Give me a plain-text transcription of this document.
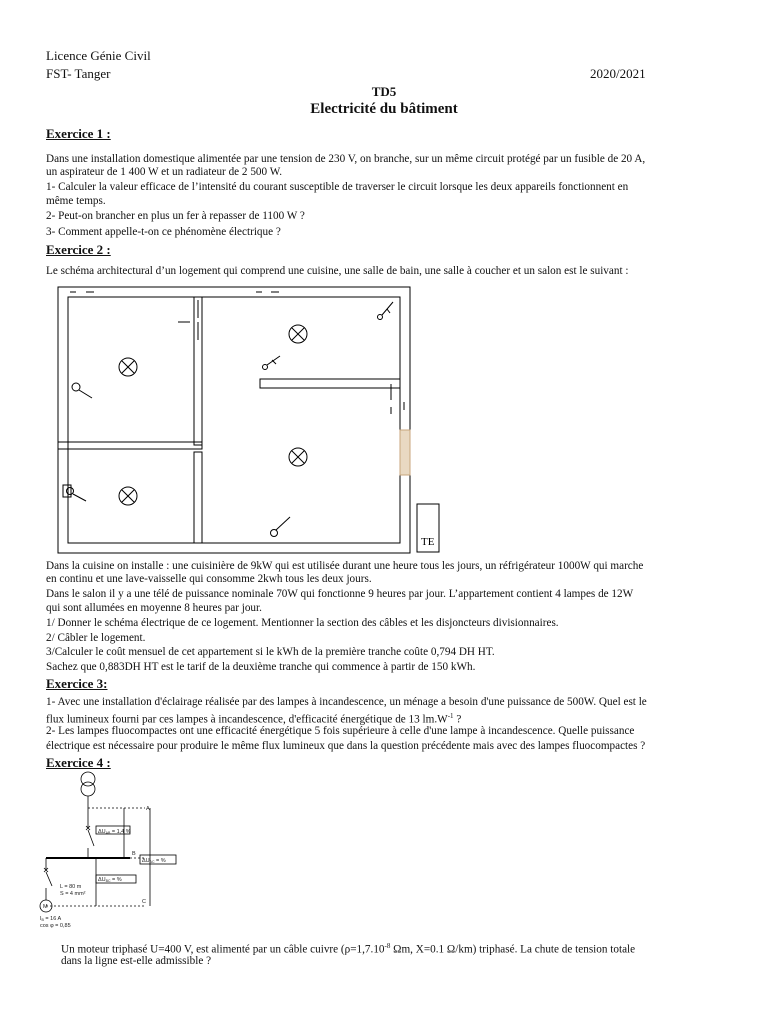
Licence Génie Civil
FST- Tanger	2020/2021
TD5
Electricité du bâtiment
Exercice 1 :
Dans une installation domestique alimentée par une tension de 230 V, on branche, sur un même circuit protégé par un fusible de 20 A,
un aspirateur de 1 400 W et un radiateur de 2 500 W.
1- Calculer la valeur efficace de l’intensité du courant susceptible de traverser le circuit lorsque les deux appareils fonctionnent en
même temps.
2- Peut-on brancher en plus un fer à repasser de 1100 W ?
3- Comment appelle-t-on ce phénomène électrique ?
Exercice 2 :
Le schéma architectural d’un logement qui comprend une cuisine, une salle de bain, une salle à coucher et un salon est le suivant :
TE
Dans la cuisine on installe : une cuisinière de 9kW qui est utilisée durant une heure tous les jours, un réfrigérateur 1000W qui marche
en continu et une lave-vaisselle qui consomme 2kwh tous les deux jours.
Dans le salon il y a une télé de puissance nominale 70W qui fonctionne 9 heures par jour. L’appartement contient 4 lampes de 12W
qui sont allumées en moyenne 8 heures par jour.
1/ Donner le schéma électrique de ce logement. Mentionner la section des câbles et les disjoncteurs divisionnaires.
2/ Câbler le logement.
3/Calculer le coût mensuel de cet appartement si le kWh de la première tranche coûte 0,794 DH HT.
Sachez que 0,883DH HT est le tarif de la deuxième tranche qui commence à partir de 150 kWh.
Exercice 3:
1- Avec une installation d'éclairage réalisée par des lampes à incandescence, un ménage a besoin d'une puissance de 500W. Quel est le
flux lumineux fourni par ces lampes à incandescence, d'efficacité énergétique de 13 $lm.W^{-1}$ ?
2- Les lampes fluocompactes ont une efficacité énergétique 5 fois supérieure à celle d'une lampe à incandescence. Quelle puissance
électrique est nécessaire pour produire le même flux lumineux que dans la question précédente mais avec des lampes fluocompactes ?
Exercice 4 :
A
B
C
ΔUAB = 1,4 %
ΔUAC = %
ΔUBC = %
L = 80 m
S = 4 mm²
M
IB = 16 A
cos φ = 0,85
Un moteur triphasé U=400 V, est alimenté par un câble cuivre ($\rho=1,7.10^{-8}$ Ωm, X=0.1 Ω/km) triphasé. La chute de tension totale
dans la ligne est-elle admissible ?
